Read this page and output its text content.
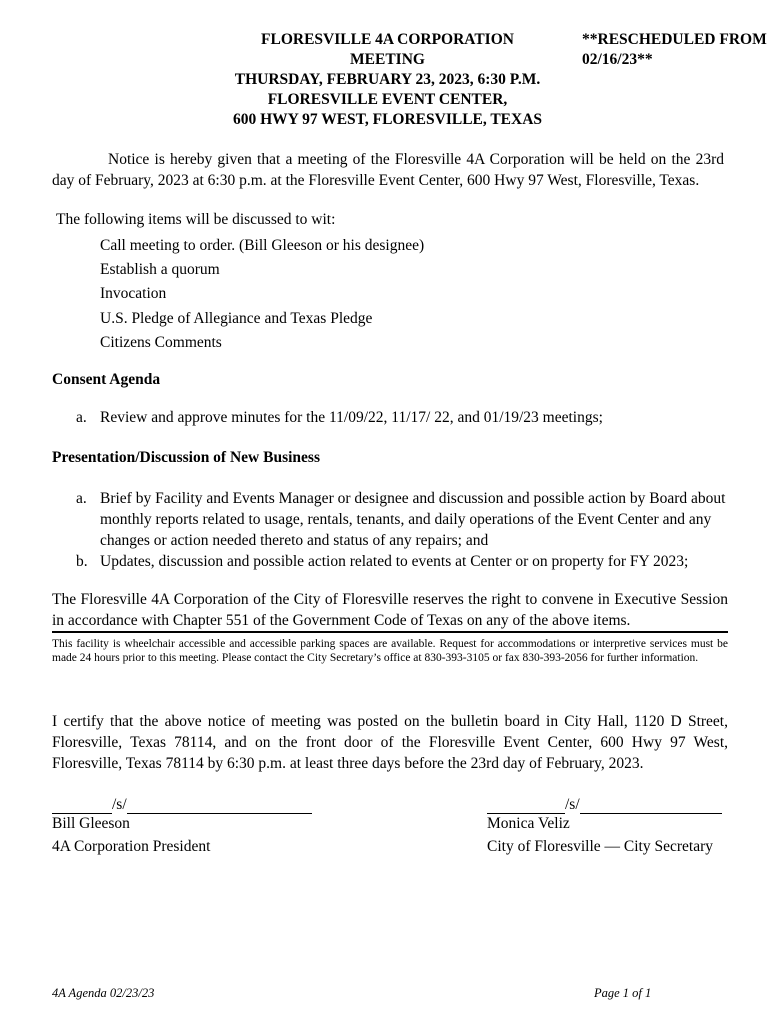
FLORESVILLE 4A CORPORATION
MEETING
THURSDAY, FEBRUARY 23, 2023, 6:30 P.M.
FLORESVILLE EVENT CENTER,
600 HWY 97 WEST, FLORESVILLE, TEXAS
**RESCHEDULED FROM
02/16/23**
Notice is hereby given that a meeting of the Floresville 4A Corporation will be held on the 23rd day of February, 2023 at 6:30 p.m. at the Floresville Event Center, 600 Hwy 97 West, Floresville, Texas.
The following items will be discussed to wit:
Call meeting to order. (Bill Gleeson or his designee)
Establish a quorum
Invocation
U.S. Pledge of Allegiance and Texas Pledge
Citizens Comments
Consent Agenda
a. Review and approve minutes for the 11/09/22, 11/17/ 22, and 01/19/23 meetings;
Presentation/Discussion of New Business
a. Brief by Facility and Events Manager or designee and discussion and possible action by Board about monthly reports related to usage, rentals, tenants, and daily operations of the Event Center and any changes or action needed thereto and status of any repairs; and
b. Updates, discussion and possible action related to events at Center or on property for FY 2023;
The Floresville 4A Corporation of the City of Floresville reserves the right to convene in Executive Session in accordance with Chapter 551 of the Government Code of Texas on any of the above items.
This facility is wheelchair accessible and accessible parking spaces are available. Request for accommodations or interpretive services must be made 24 hours prior to this meeting. Please contact the City Secretary’s office at 830-393-3105 or fax 830-393-2056 for further information.
I certify that the above notice of meeting was posted on the bulletin board in City Hall, 1120 D Street, Floresville, Texas 78114, and on the front door of the Floresville Event Center, 600 Hwy 97 West, Floresville, Texas 78114 by 6:30 p.m. at least three days before the 23rd day of February, 2023.
/s/
Bill Gleeson
4A Corporation President
/s/
Monica Veliz
City of Floresville — City Secretary
4A Agenda 02/23/23	Page 1 of 1
